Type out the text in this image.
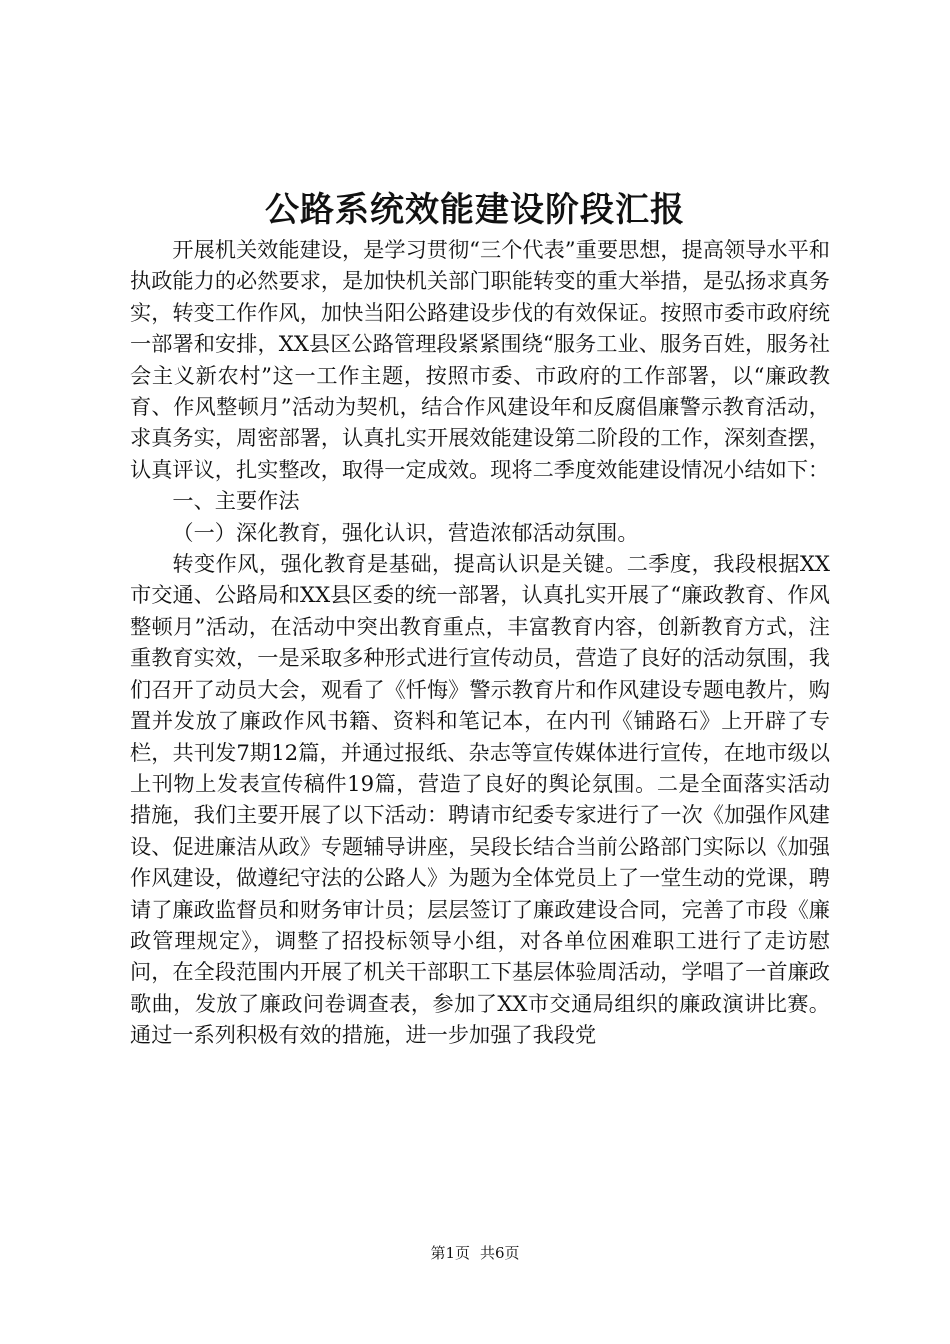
公路系统效能建设阶段汇报

开展机关效能建设，是学习贯彻“三个代表”重要思想，提高领导水平和执政能力的必然要求，是加快机关部门职能转变的重大举措，是弘扬求真务实，转变工作作风，加快当阳公路建设步伐的有效保证。按照市委市政府统一部署和安排，XX县区公路管理段紧紧围绕“服务工业、服务百姓，服务社会主义新农村”这一工作主题，按照市委、市政府的工作部署，以“廉政教育、作风整顿月”活动为契机，结合作风建设年和反腐倡廉警示教育活动，求真务实，周密部署，认真扎实开展效能建设第二阶段的工作，深刻查摆，认真评议，扎实整改，取得一定成效。现将二季度效能建设情况小结如下：

一、主要作法

（一）深化教育，强化认识，营造浓郁活动氛围。

转变作风，强化教育是基础，提高认识是关键。二季度，我段根据XX市交通、公路局和XX县区委的统一部署，认真扎实开展了“廉政教育、作风整顿月”活动，在活动中突出教育重点，丰富教育内容，创新教育方式，注重教育实效，一是采取多种形式进行宣传动员，营造了良好的活动氛围，我们召开了动员大会，观看了《忏悔》警示教育片和作风建设专题电教片，购置并发放了廉政作风书籍、资料和笔记本，在内刊《铺路石》上开辟了专栏，共刊发7期12篇，并通过报纸、杂志等宣传媒体进行宣传，在地市级以上刊物上发表宣传稿件19篇，营造了良好的舆论氛围。二是全面落实活动措施，我们主要开展了以下活动：聘请市纪委专家进行了一次《加强作风建设、促进廉洁从政》专题辅导讲座，吴段长结合当前公路部门实际以《加强作风建设，做遵纪守法的公路人》为题为全体党员上了一堂生动的党课，聘请了廉政监督员和财务审计员；层层签订了廉政建设合同，完善了市段《廉政管理规定》，调整了招投标领导小组，对各单位困难职工进行了走访慰问，在全段范围内开展了机关干部职工下基层体验周活动，学唱了一首廉政歌曲，发放了廉政问卷调查表，参加了XX市交通局组织的廉政演讲比赛。通过一系列积极有效的措施，进一步加强了我段党

第1页 共6页
